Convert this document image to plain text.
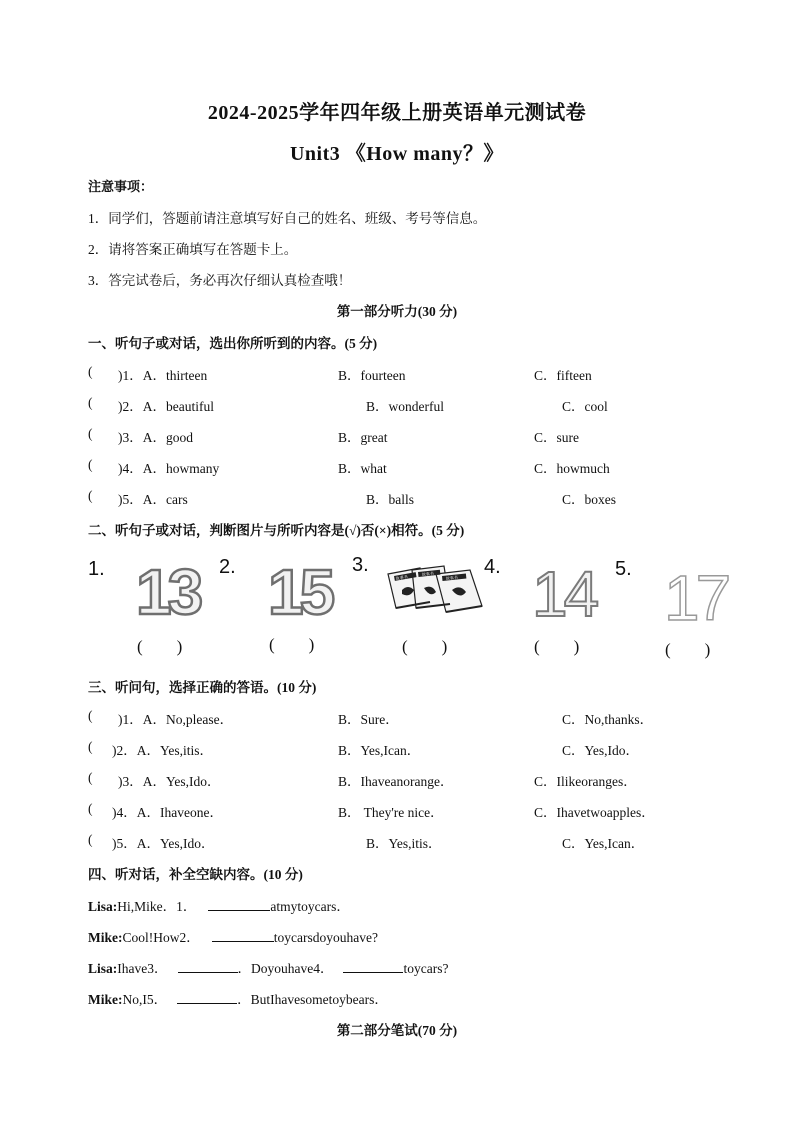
2024-2025学年四年级上册英语单元测试卷
Unit3 《How many？》
注意事项：
1．同学们，答题前请注意填写好自己的姓名、班级、考号等信息。
2．请将答案正确填写在答题卡上。
3．答完试卷后，务必再次仔细认真检查哦！
第一部分听力(30 分)
一、听句子或对话，选出你所听到的内容。(5 分)
( )1．A．thirteen	B．fourteen	C．fifteen
( )2．A．beautiful	B．wonderful	C．cool
( )3．A．good	B．great	C．sure
( )4．A．howmany	B．what	C．howmuch
( )5．A．cars	B．balls	C．boxes
二、听句子或对话，判断图片与所听内容是(√)否(×)相符。(5 分)
1. 13
(　　)
2. 15
(　　)
3.
故事书
故事书
故事书
(　　)
4. 14
(　　)
5. 17
(　　)
三、听问句，选择正确的答语。(10 分)
( )1．A．No,please．	B．Sure．	C．No,thanks．
( )2．A．Yes,itis．	B．Yes,Ican．	C．Yes,Ido．
( )3．A．Yes,Ido．	B．Ihaveanorange．	C．Ilikeoranges．
( )4．A．Ihaveone．	B． They're nice．	C．Ihavetwoapples．
( )5．A．Yes,Ido．	B．Yes,itis．	C．Yes,Ican．
四、听对话，补全空缺内容。(10 分)
Lisa:Hi,Mike．1．	atmytoycars．
Mike:Cool!How2．	toycarsdoyouhave?
Lisa:Ihave3．	．Doyouhave4．	toycars?
Mike:No,I5．	．ButIhavesometoybears．
第二部分笔试(70 分)
